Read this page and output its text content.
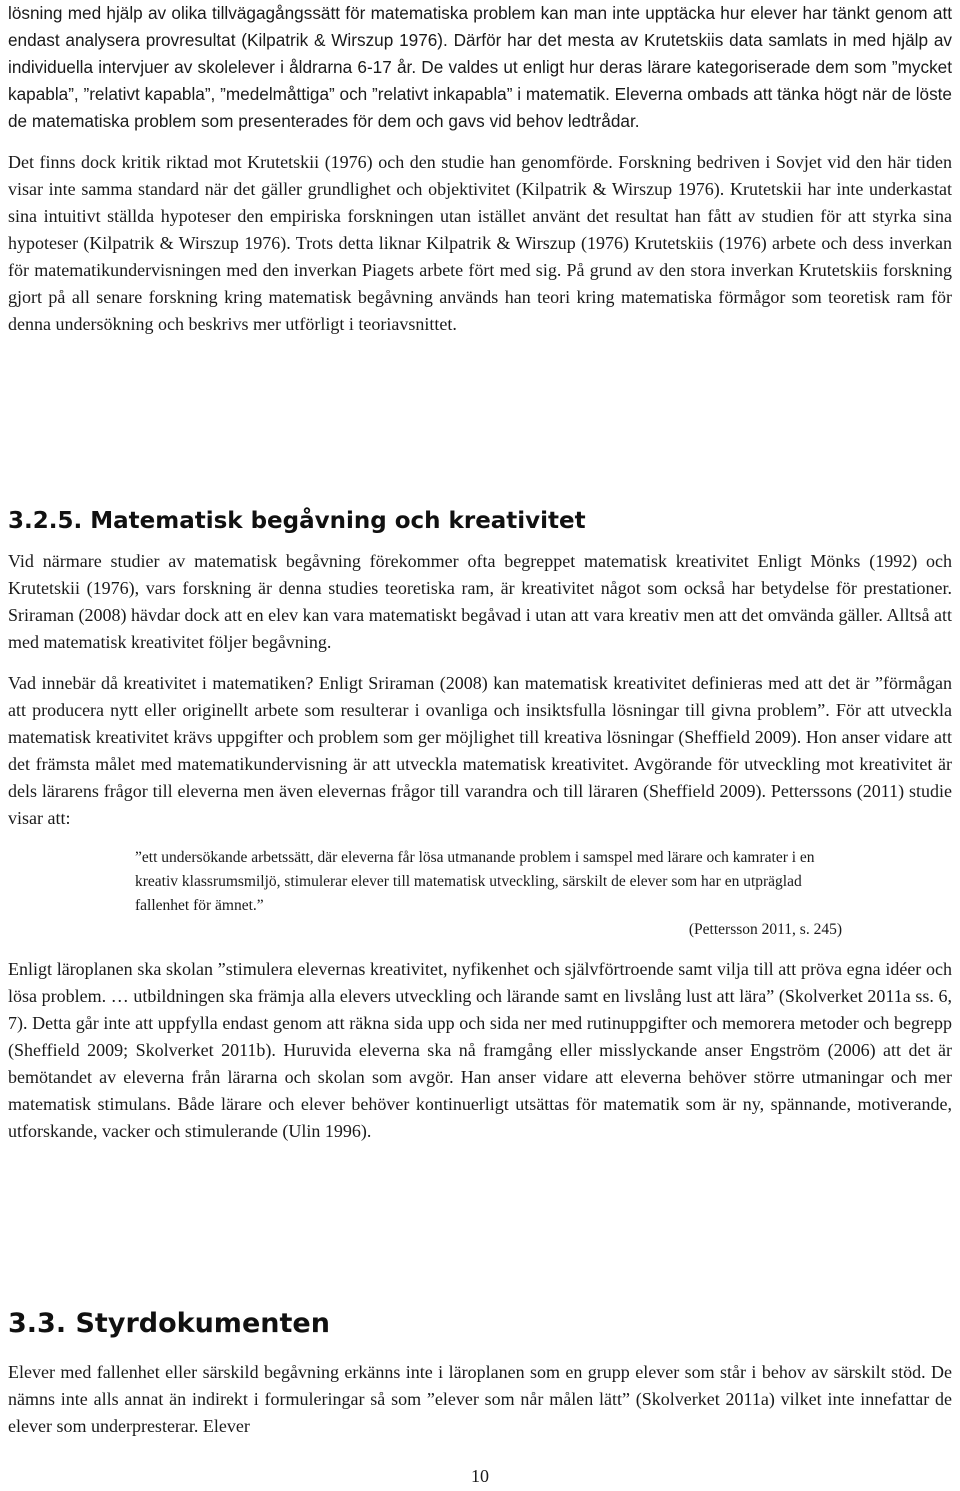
lösning med hjälp av olika tillvägagångssätt för matematiska problem kan man inte upptäcka hur elever har tänkt genom att endast analysera provresultat (Kilpatrik & Wirszup 1976). Därför har det mesta av Krutetskiis data samlats in med hjälp av individuella intervjuer av skolelever i åldrarna 6-17 år. De valdes ut enligt hur deras lärare kategoriserade dem som ”mycket kapabla”, ”relativt kapabla”, ”medelmåttiga” och ”relativt inkapabla” i matematik. Eleverna ombads att tänka högt när de löste de matematiska problem som presenterades för dem och gavs vid behov ledtrådar.

Det finns dock kritik riktad mot Krutetskii (1976) och den studie han genomförde. Forskning bedriven i Sovjet vid den här tiden visar inte samma standard när det gäller grundlighet och objektivitet (Kilpatrik & Wirszup 1976). Krutetskii har inte underkastat sina intuitivt ställda hypoteser den empiriska forskningen utan istället använt det resultat han fått av studien för att styrka sina hypoteser (Kilpatrik & Wirszup 1976). Trots detta liknar Kilpatrik & Wirszup (1976) Krutetskiis (1976) arbete och dess inverkan för matematikundervisningen med den inverkan Piagets arbete fört med sig. På grund av den stora inverkan Krutetskiis forskning gjort på all senare forskning kring matematisk begåvning används han teori kring matematiska förmågor som teoretisk ram för denna undersökning och beskrivs mer utförligt i teoriavsnittet.

3.2.5. Matematisk begåvning och kreativitet

Vid närmare studier av matematisk begåvning förekommer ofta begreppet matematisk kreativitet Enligt Mönks (1992) och Krutetskii (1976), vars forskning är denna studies teoretiska ram, är kreativitet något som också har betydelse för prestationer. Sriraman (2008) hävdar dock att en elev kan vara matematiskt begåvad i utan att vara kreativ men att det omvända gäller. Alltså att med matematisk kreativitet följer begåvning.

Vad innebär då kreativitet i matematiken? Enligt Sriraman (2008) kan matematisk kreativitet definieras med att det är ”förmågan att producera nytt eller originellt arbete som resulterar i ovanliga och insiktsfulla lösningar till givna problem”. För att utveckla matematisk kreativitet krävs uppgifter och problem som ger möjlighet till kreativa lösningar (Sheffield 2009). Hon anser vidare att det främsta målet med matematikundervisning är att utveckla matematisk kreativitet. Avgörande för utveckling mot kreativitet är dels lärarens frågor till eleverna men även elevernas frågor till varandra och till läraren (Sheffield 2009). Petterssons (2011) studie visar att:

”ett undersökande arbetssätt, där eleverna får lösa utmanande problem i samspel med lärare och kamrater i en kreativ klassrumsmiljö, stimulerar elever till matematisk utveckling, särskilt de elever som har en utpräglad fallenhet för ämnet.”
(Pettersson 2011, s. 245)

Enligt läroplanen ska skolan ”stimulera elevernas kreativitet, nyfikenhet och självförtroende samt vilja till att pröva egna idéer och lösa problem. … utbildningen ska främja alla elevers utveckling och lärande samt en livslång lust att lära” (Skolverket 2011a ss. 6, 7). Detta går inte att uppfylla endast genom att räkna sida upp och sida ner med rutinuppgifter och memorera metoder och begrepp (Sheffield 2009; Skolverket 2011b). Huruvida eleverna ska nå framgång eller misslyckande anser Engström (2006) att det är bemötandet av eleverna från lärarna och skolan som avgör. Han anser vidare att eleverna behöver större utmaningar och mer matematisk stimulans. Både lärare och elever behöver kontinuerligt utsättas för matematik som är ny, spännande, motiverande, utforskande, vacker och stimulerande (Ulin 1996).

3.3. Styrdokumenten

Elever med fallenhet eller särskild begåvning erkänns inte i läroplanen som en grupp elever som står i behov av särskilt stöd. De nämns inte alls annat än indirekt i formuleringar så som ”elever som når målen lätt” (Skolverket 2011a) vilket inte innefattar de elever som underpresterar. Elever

10
